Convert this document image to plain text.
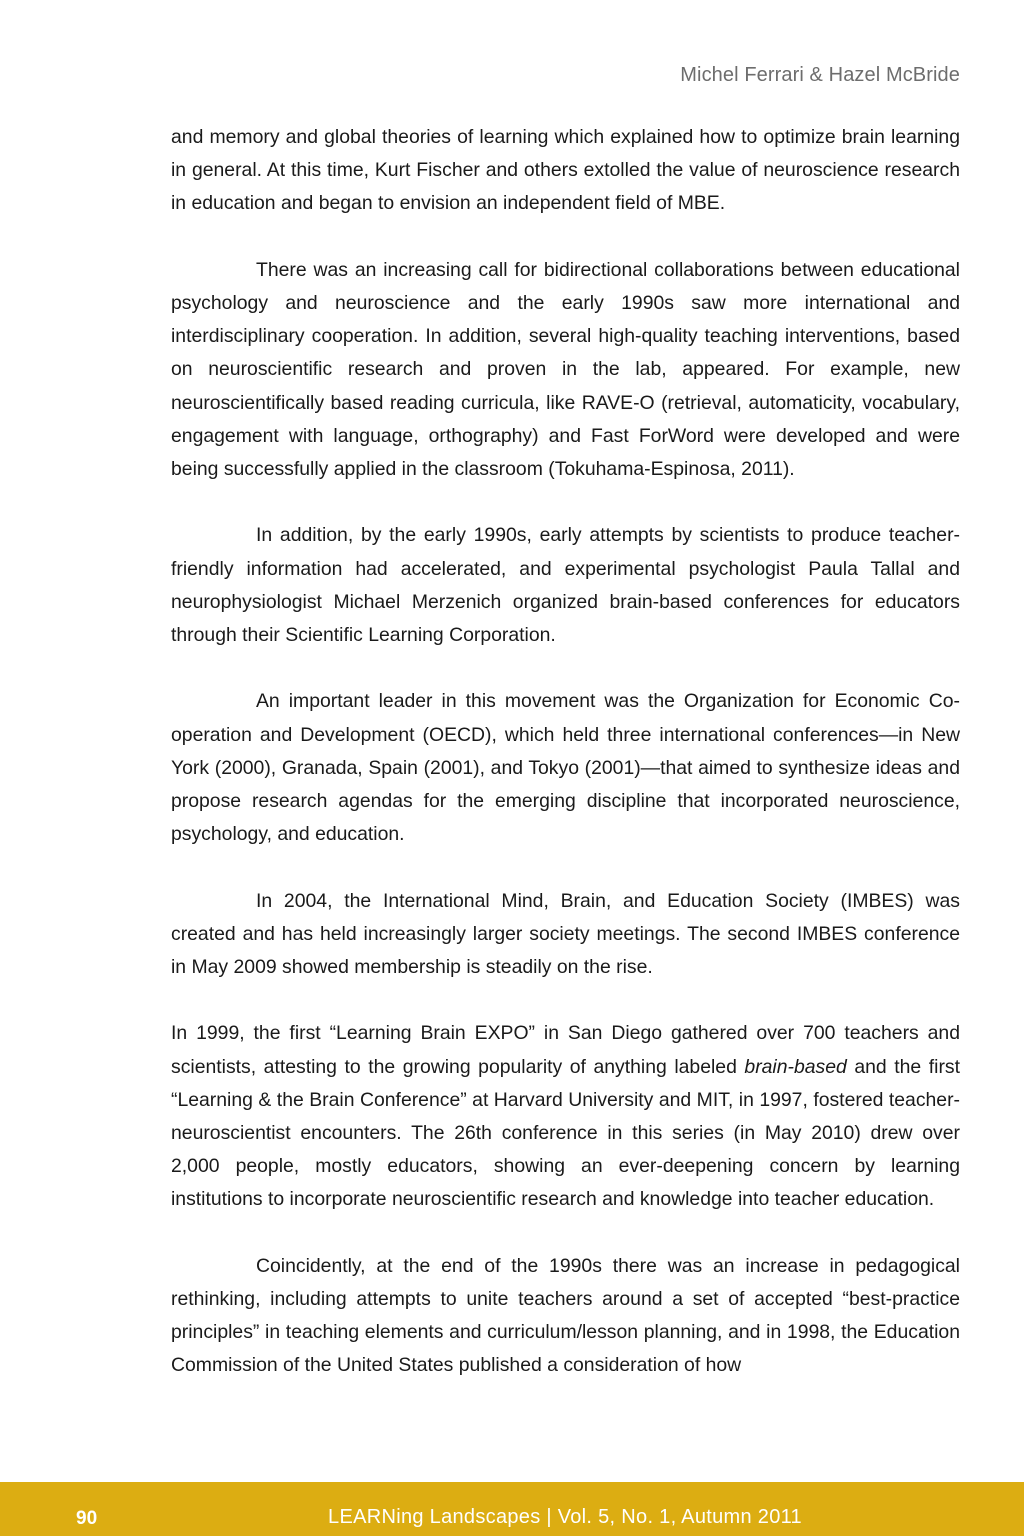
Michel Ferrari & Hazel McBride

and memory and global theories of learning which explained how to optimize brain learning in general. At this time, Kurt Fischer and others extolled the value of neuroscience research in education and began to envision an independent field of MBE.

There was an increasing call for bidirectional collaborations between educational psychology and neuroscience and the early 1990s saw more international and interdisciplinary cooperation. In addition, several high-quality teaching interventions, based on neuroscientific research and proven in the lab, appeared. For example, new neuroscientifically based reading curricula, like RAVE-O (retrieval, automaticity, vocabulary, engagement with language, orthography) and Fast ForWord were developed and were being successfully applied in the classroom (Tokuhama-Espinosa, 2011).

In addition, by the early 1990s, early attempts by scientists to produce teacher-friendly information had accelerated, and experimental psychologist Paula Tallal and neurophysiologist Michael Merzenich organized brain-based conferences for educators through their Scientific Learning Corporation.

An important leader in this movement was the Organization for Economic Co-operation and Development (OECD), which held three international conferences—in New York (2000), Granada, Spain (2001), and Tokyo (2001)—that aimed to synthesize ideas and propose research agendas for the emerging discipline that incorporated neuroscience, psychology, and education.

In 2004, the International Mind, Brain, and Education Society (IMBES) was created and has held increasingly larger society meetings. The second IMBES conference in May 2009 showed membership is steadily on the rise.

In 1999, the first “Learning Brain EXPO” in San Diego gathered over 700 teachers and scientists, attesting to the growing popularity of anything labeled brain-based and the first “Learning & the Brain Conference” at Harvard University and MIT, in 1997, fostered teacher-neuroscientist encounters. The 26th conference in this series (in May 2010) drew over 2,000 people, mostly educators, showing an ever-deepening concern by learning institutions to incorporate neuroscientific research and knowledge into teacher education.

Coincidently, at the end of the 1990s there was an increase in pedagogical rethinking, including attempts to unite teachers around a set of accepted “best-practice principles” in teaching elements and curriculum/lesson planning, and in 1998, the Education Commission of the United States published a consideration of how

90	LEARNing Landscapes | Vol. 5, No. 1, Autumn 2011
